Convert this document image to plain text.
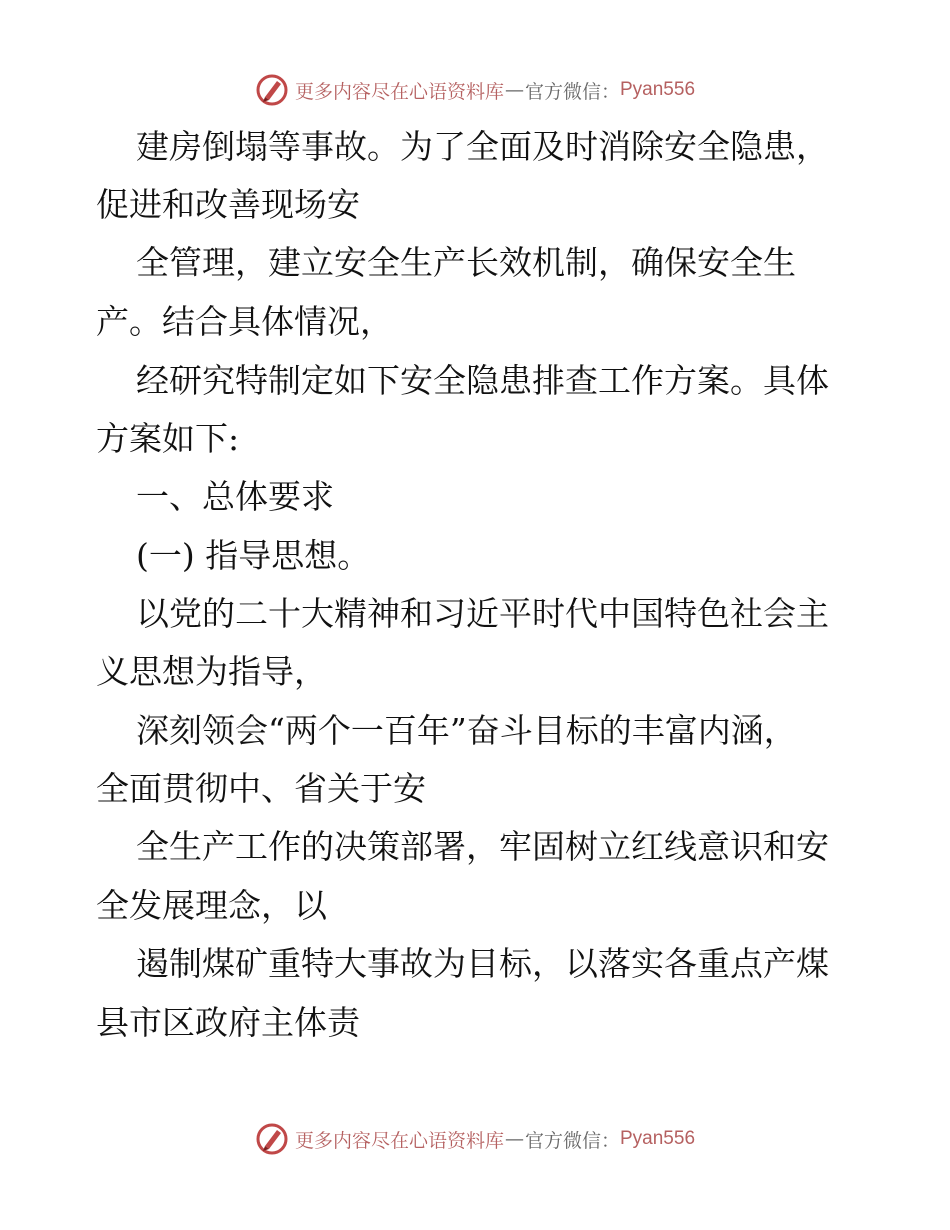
更多内容尽在心语资料库 — 官方微信： Pyan556
建房倒塌等事故。为了全面及时消除安全隐患，
促进和改善现场安
全管理，建立安全生产长效机制，确保安全生
产。结合具体情况，
经研究特制定如下安全隐患排查工作方案。具体
方案如下:
一、总体要求
(一) 指导思想。
以党的二十大精神和习近平时代中国特色社会主
义思想为指导，
深刻领会“两个一百年”奋斗目标的丰富内涵，
全面贯彻中、省关于安
全生产工作的决策部署，牢固树立红线意识和安
全发展理念，以
遏制煤矿重特大事故为目标，以落实各重点产煤
县市区政府主体责
更多内容尽在心语资料库 — 官方微信： Pyan556
